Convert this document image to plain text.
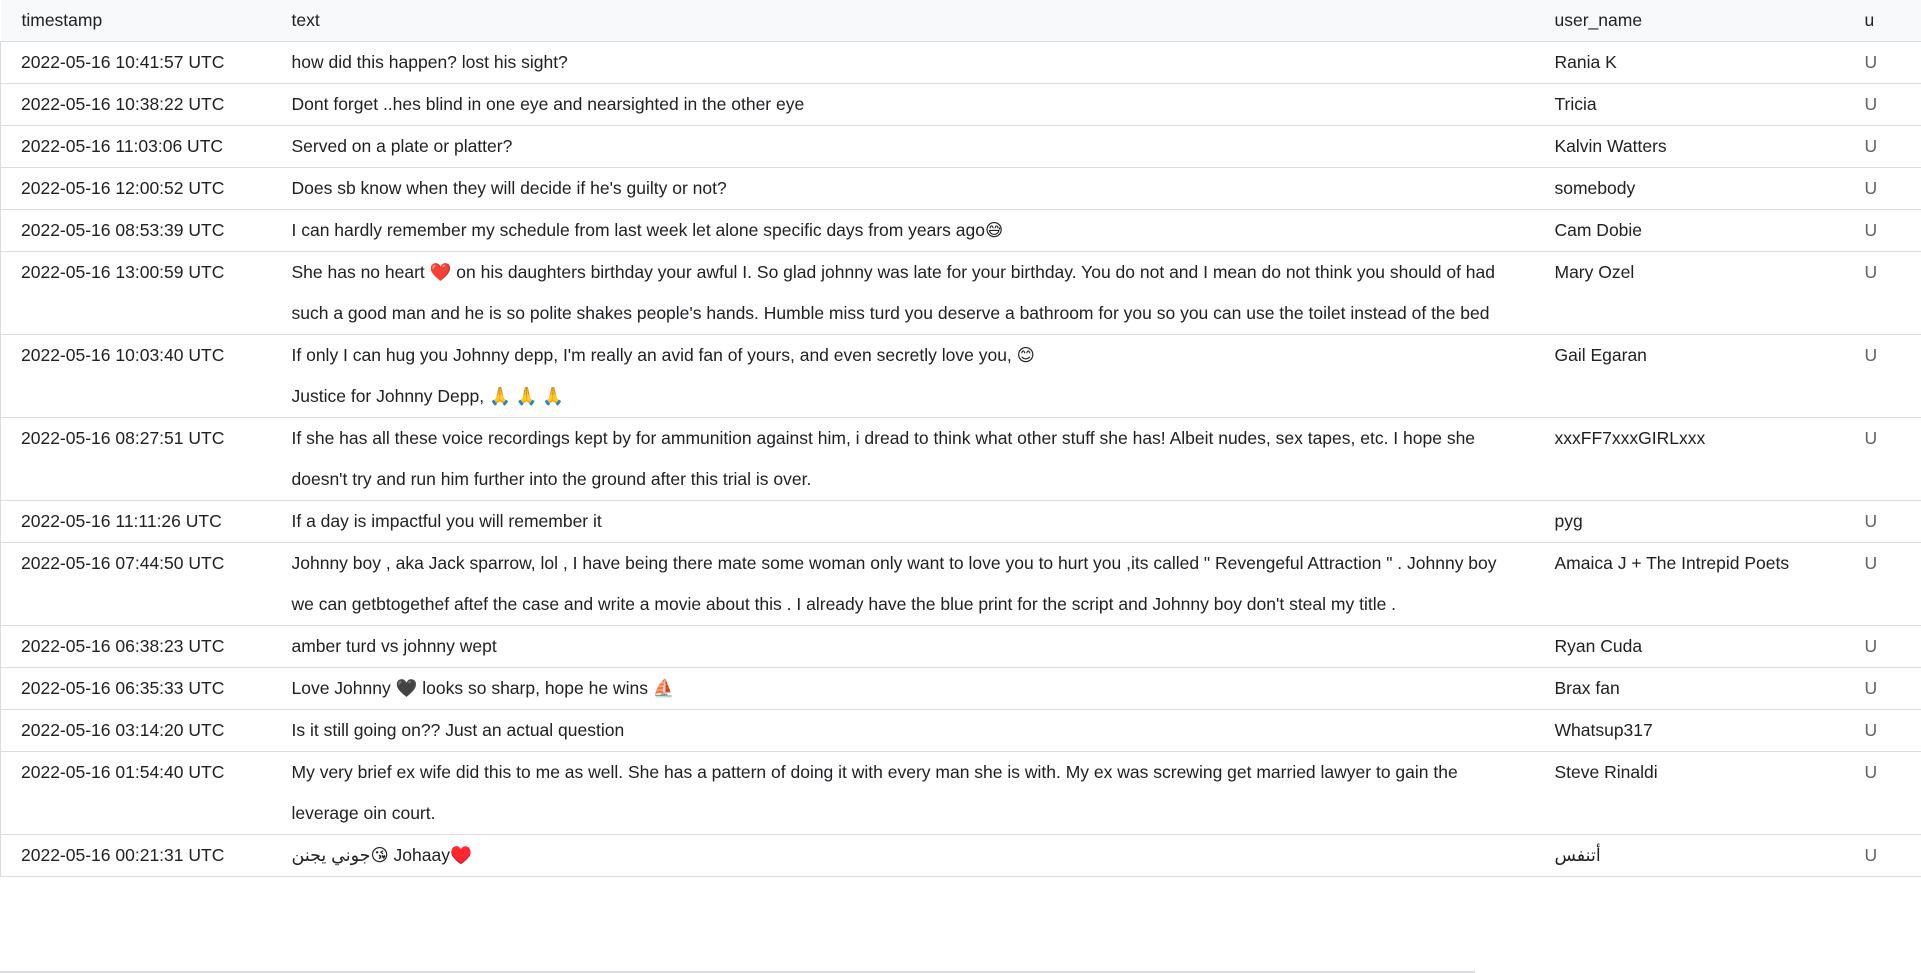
timestamp	text	user_name	u
2022-05-16 10:41:57 UTC	how did this happen? lost his sight?	Rania K	U
2022-05-16 10:38:22 UTC	Dont forget ..hes blind in one eye and nearsighted in the other eye	Tricia	U
2022-05-16 11:03:06 UTC	Served on a plate or platter?	Kalvin Watters	U
2022-05-16 12:00:52 UTC	Does sb know when they will decide if he's guilty or not?	somebody	U
2022-05-16 08:53:39 UTC	I can hardly remember my schedule from last week let alone specific days from years ago😅	Cam Dobie	U
2022-05-16 13:00:59 UTC	She has no heart ❤️ on his daughters birthday your awful I. So glad johnny was late for your birthday. You do not and I mean do not think you should of had such a good man and he is so polite shakes people's hands. Humble miss turd you deserve a bathroom for you so you can use the toilet instead of the bed	Mary Ozel	U
2022-05-16 10:03:40 UTC	If only I can hug you Johnny depp, I'm really an avid fan of yours, and even secretly love you, 😊
Justice for Johnny Depp, 🙏 🙏 🙏	Gail Egaran	U
2022-05-16 08:27:51 UTC	If she has all these voice recordings kept by for ammunition against him, i dread to think what other stuff she has! Albeit nudes, sex tapes, etc. I hope she doesn't try and run him further into the ground after this trial is over.	xxxFF7xxxGIRLxxx	U
2022-05-16 11:11:26 UTC	If a day is impactful you will remember it	pyg	U
2022-05-16 07:44:50 UTC	Johnny boy , aka Jack sparrow, lol , I have being there mate some woman only want to love you to hurt you ,its called " Revengeful Attraction " . Johnny boy we can getbtogethef aftef the case and write a movie about this . I already have the blue print for the script and Johnny boy don't steal my title .	Amaica J + The Intrepid Poets	U
2022-05-16 06:38:23 UTC	amber turd vs johnny wept	Ryan Cuda	U
2022-05-16 06:35:33 UTC	Love Johnny 🖤 looks so sharp, hope he wins ⛵	Brax fan	U
2022-05-16 03:14:20 UTC	Is it still going on?? Just an actual question	Whatsup317	U
2022-05-16 01:54:40 UTC	My very brief ex wife did this to me as well. She has a pattern of doing it with every man she is with. My ex was screwing get married lawyer to gain the leverage oin court.	Steve Rinaldi	U
2022-05-16 00:21:31 UTC	جوني يجنن😘 Johaay♥️	أتنفس	U
